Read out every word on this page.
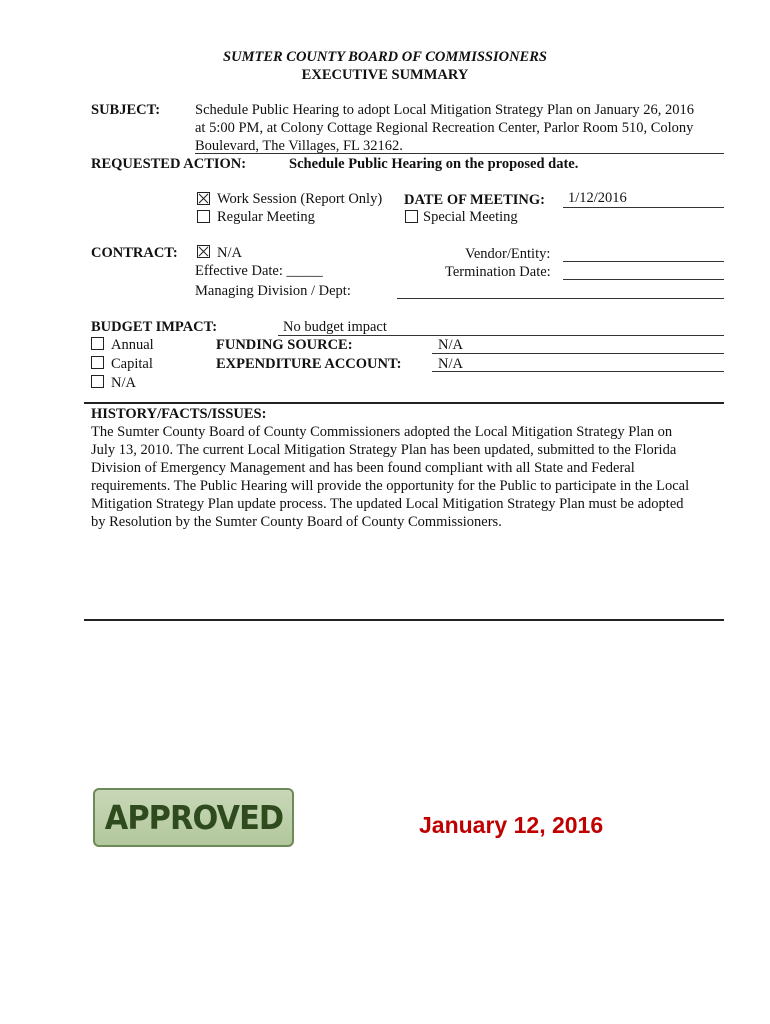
SUMTER COUNTY BOARD OF COMMISSIONERS
EXECUTIVE SUMMARY
SUBJECT: Schedule Public Hearing to adopt Local Mitigation Strategy Plan on January 26, 2016
at 5:00 PM, at Colony Cottage Regional Recreation Center, Parlor Room 510, Colony
Boulevard, The Villages, FL 32162.
REQUESTED ACTION:	Schedule Public Hearing on the proposed date.
Work Session (Report Only)
Regular Meeting
DATE OF MEETING: 1/12/2016
Special Meeting
CONTRACT:	N/A
Effective Date: _____
Managing Division / Dept:
Vendor/Entity:
Termination Date:
BUDGET IMPACT:	No budget impact
Annual
Capital
N/A
FUNDING SOURCE:	N/A
EXPENDITURE ACCOUNT:	N/A
HISTORY/FACTS/ISSUES:
The Sumter County Board of County Commissioners adopted the Local Mitigation Strategy Plan on
July 13, 2010. The current Local Mitigation Strategy Plan has been updated, submitted to the Florida
Division of Emergency Management and has been found compliant with all State and Federal
requirements. The Public Hearing will provide the opportunity for the Public to participate in the Local
Mitigation Strategy Plan update process. The updated Local Mitigation Strategy Plan must be adopted
by Resolution by the Sumter County Board of County Commissioners.
APPROVED	January 12, 2016
